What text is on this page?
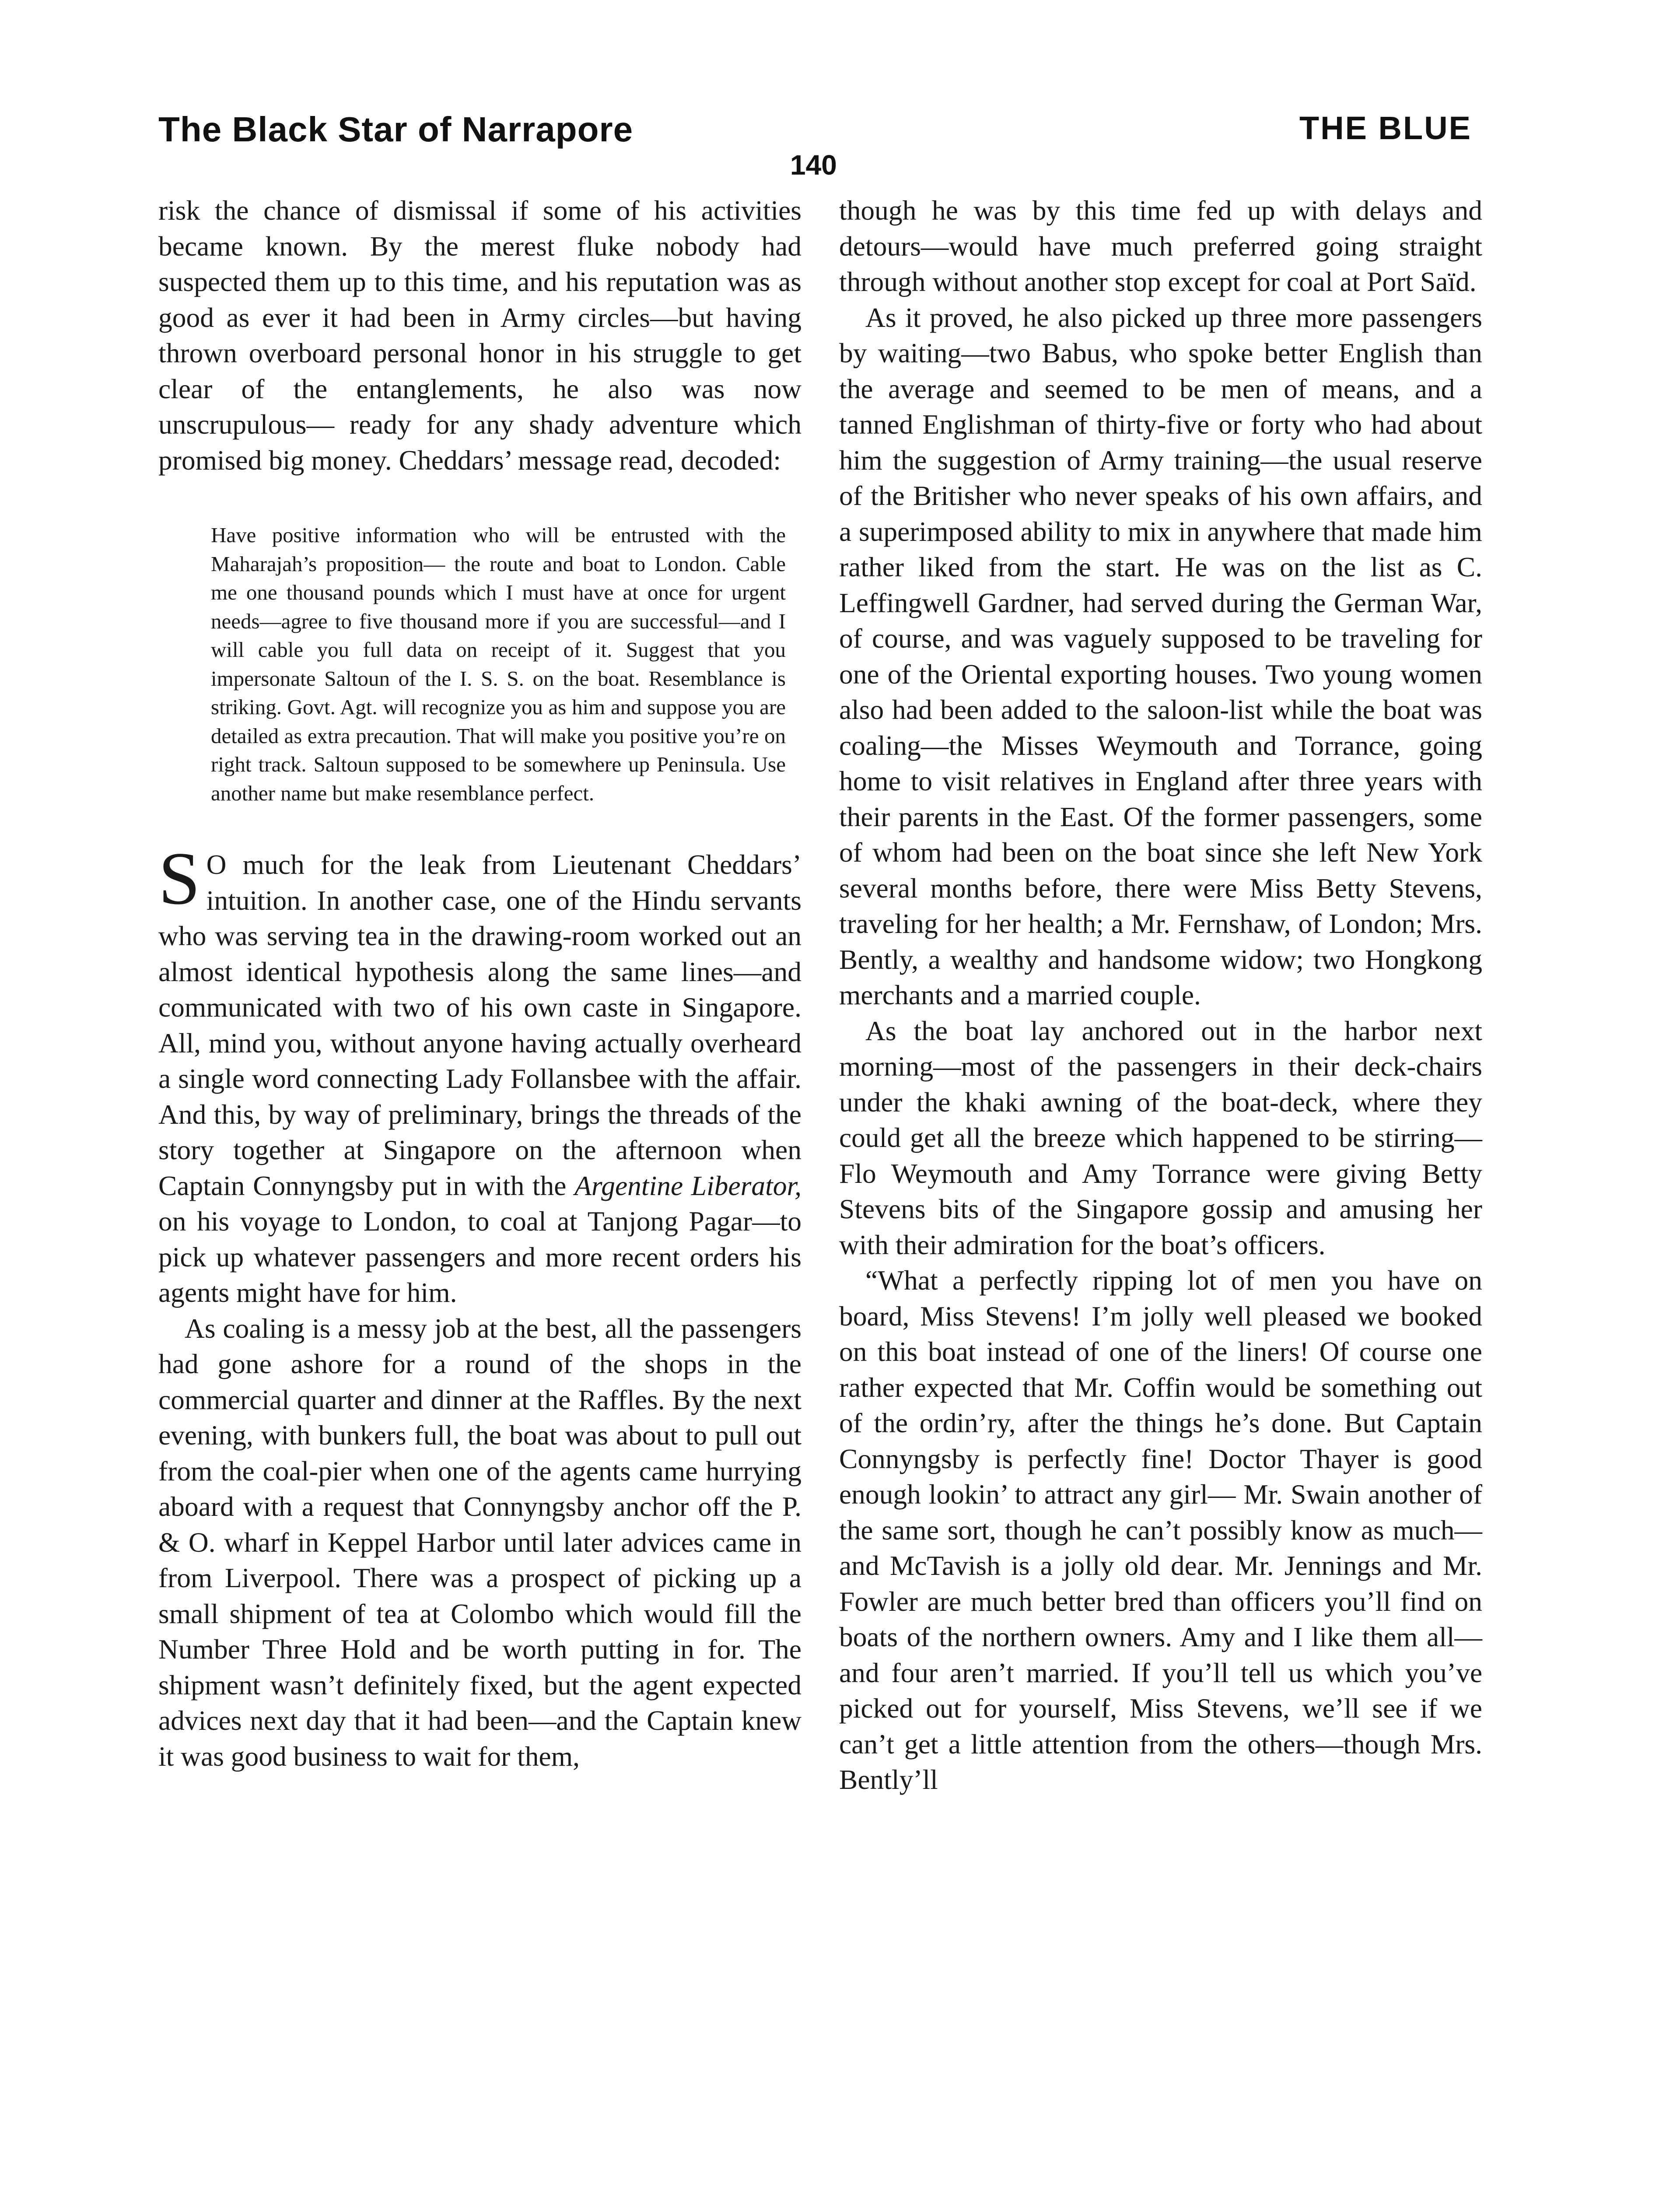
The Black Star of Narrapore	THE BLUE
140

risk the chance of dismissal if some of his activities became known. By the merest fluke nobody had suspected them up to this time, and his reputation was as good as ever it had been in Army circles—but having thrown overboard personal honor in his struggle to get clear of the entanglements, he also was now unscrupulous— ready for any shady adventure which promised big money. Cheddars’ message read, decoded:

Have positive information who will be entrusted with the Maharajah’s proposition— the route and boat to London. Cable me one thousand pounds which I must have at once for urgent needs—agree to five thousand more if you are successful—and I will cable you full data on receipt of it. Suggest that you impersonate Saltoun of the I. S. S. on the boat. Resemblance is striking. Govt. Agt. will recognize you as him and suppose you are detailed as extra precaution. That will make you positive you’re on right track. Saltoun supposed to be somewhere up Peninsula. Use another name but make resemblance perfect.

S O much for the leak from Lieutenant Cheddars’ intuition. In another case, one of the Hindu servants who was serving tea in the drawing-room worked out an almost identical hypothesis along the same lines—and communicated with two of his own caste in Singapore. All, mind you, without anyone having actually overheard a single word connecting Lady Follansbee with the affair. And this, by way of preliminary, brings the threads of the story together at Singapore on the afternoon when Captain Connyngsby put in with the Argentine Liberator, on his voyage to London, to coal at Tanjong Pagar—to pick up whatever passengers and more recent orders his agents might have for him.

As coaling is a messy job at the best, all the passengers had gone ashore for a round of the shops in the commercial quarter and dinner at the Raffles. By the next evening, with bunkers full, the boat was about to pull out from the coal-pier when one of the agents came hurrying aboard with a request that Connyngsby anchor off the P. & O. wharf in Keppel Harbor until later advices came in from Liverpool. There was a prospect of picking up a small shipment of tea at Colombo which would fill the Number Three Hold and be worth putting in for. The shipment wasn’t definitely fixed, but the agent expected advices next day that it had been—and the Captain knew it was good business to wait for them,

though he was by this time fed up with delays and detours—would have much preferred going straight through without another stop except for coal at Port Saïd.

As it proved, he also picked up three more passengers by waiting—two Babus, who spoke better English than the average and seemed to be men of means, and a tanned Englishman of thirty-five or forty who had about him the suggestion of Army training—the usual reserve of the Britisher who never speaks of his own affairs, and a superimposed ability to mix in anywhere that made him rather liked from the start. He was on the list as C. Leffingwell Gardner, had served during the German War, of course, and was vaguely supposed to be traveling for one of the Oriental exporting houses. Two young women also had been added to the saloon-list while the boat was coaling—the Misses Weymouth and Torrance, going home to visit relatives in England after three years with their parents in the East. Of the former passengers, some of whom had been on the boat since she left New York several months before, there were Miss Betty Stevens, traveling for her health; a Mr. Fernshaw, of London; Mrs. Bently, a wealthy and handsome widow; two Hongkong merchants and a married couple.

As the boat lay anchored out in the harbor next morning—most of the passengers in their deck-chairs under the khaki awning of the boat-deck, where they could get all the breeze which happened to be stirring—Flo Weymouth and Amy Torrance were giving Betty Stevens bits of the Singapore gossip and amusing her with their admiration for the boat’s officers.

“What a perfectly ripping lot of men you have on board, Miss Stevens! I’m jolly well pleased we booked on this boat instead of one of the liners! Of course one rather expected that Mr. Coffin would be something out of the ordin’ry, after the things he’s done. But Captain Connyngsby is perfectly fine! Doctor Thayer is good enough lookin’ to attract any girl— Mr. Swain another of the same sort, though he can’t possibly know as much—and McTavish is a jolly old dear. Mr. Jennings and Mr. Fowler are much better bred than officers you’ll find on boats of the northern owners. Amy and I like them all—and four aren’t married. If you’ll tell us which you’ve picked out for yourself, Miss Stevens, we’ll see if we can’t get a little attention from the others—though Mrs. Bently’ll
